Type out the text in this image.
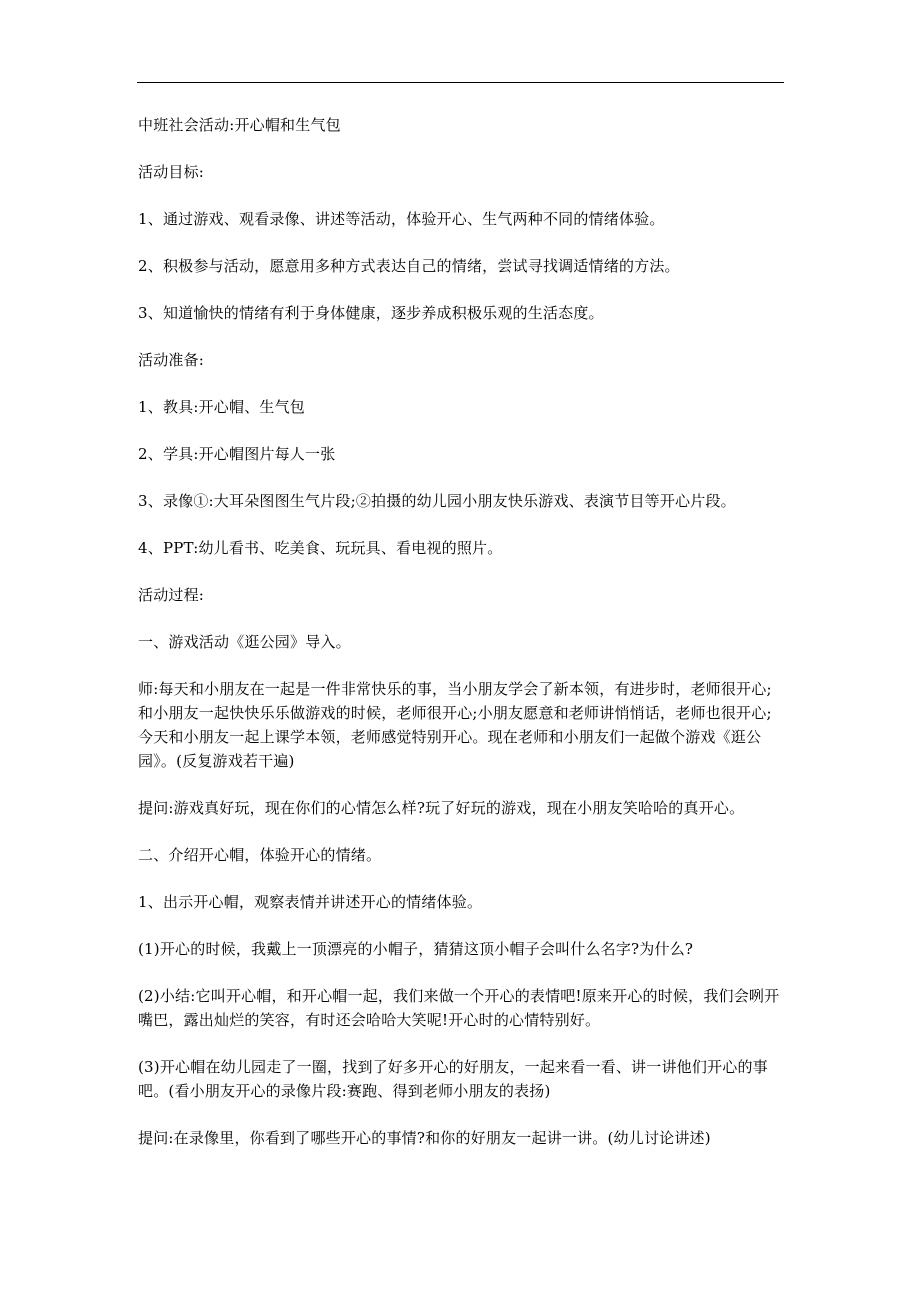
中班社会活动:开心帽和生气包

活动目标:

1、通过游戏、观看录像、讲述等活动，体验开心、生气两种不同的情绪体验。

2、积极参与活动，愿意用多种方式表达自己的情绪，尝试寻找调适情绪的方法。

3、知道愉快的情绪有利于身体健康，逐步养成积极乐观的生活态度。

活动准备:

1、教具:开心帽、生气包

2、学具:开心帽图片每人一张

3、录像①:大耳朵图图生气片段;②拍摄的幼儿园小朋友快乐游戏、表演节目等开心片段。

4、PPT:幼儿看书、吃美食、玩玩具、看电视的照片。

活动过程:

一、游戏活动《逛公园》导入。

师:每天和小朋友在一起是一件非常快乐的事，当小朋友学会了新本领，有进步时，老师很开心;和小朋友一起快快乐乐做游戏的时候，老师很开心;小朋友愿意和老师讲悄悄话，老师也很开心;今天和小朋友一起上课学本领，老师感觉特别开心。现在老师和小朋友们一起做个游戏《逛公园》。(反复游戏若干遍)

提问:游戏真好玩，现在你们的心情怎么样?玩了好玩的游戏，现在小朋友笑哈哈的真开心。

二、介绍开心帽，体验开心的情绪。

1、出示开心帽，观察表情并讲述开心的情绪体验。

(1)开心的时候，我戴上一顶漂亮的小帽子，猜猜这顶小帽子会叫什么名字?为什么?

(2)小结:它叫开心帽，和开心帽一起，我们来做一个开心的表情吧!原来开心的时候，我们会咧开嘴巴，露出灿烂的笑容，有时还会哈哈大笑呢!开心时的心情特别好。

(3)开心帽在幼儿园走了一圈，找到了好多开心的好朋友，一起来看一看、讲一讲他们开心的事吧。(看小朋友开心的录像片段:赛跑、得到老师小朋友的表扬)

提问:在录像里，你看到了哪些开心的事情?和你的好朋友一起讲一讲。(幼儿讨论讲述)
